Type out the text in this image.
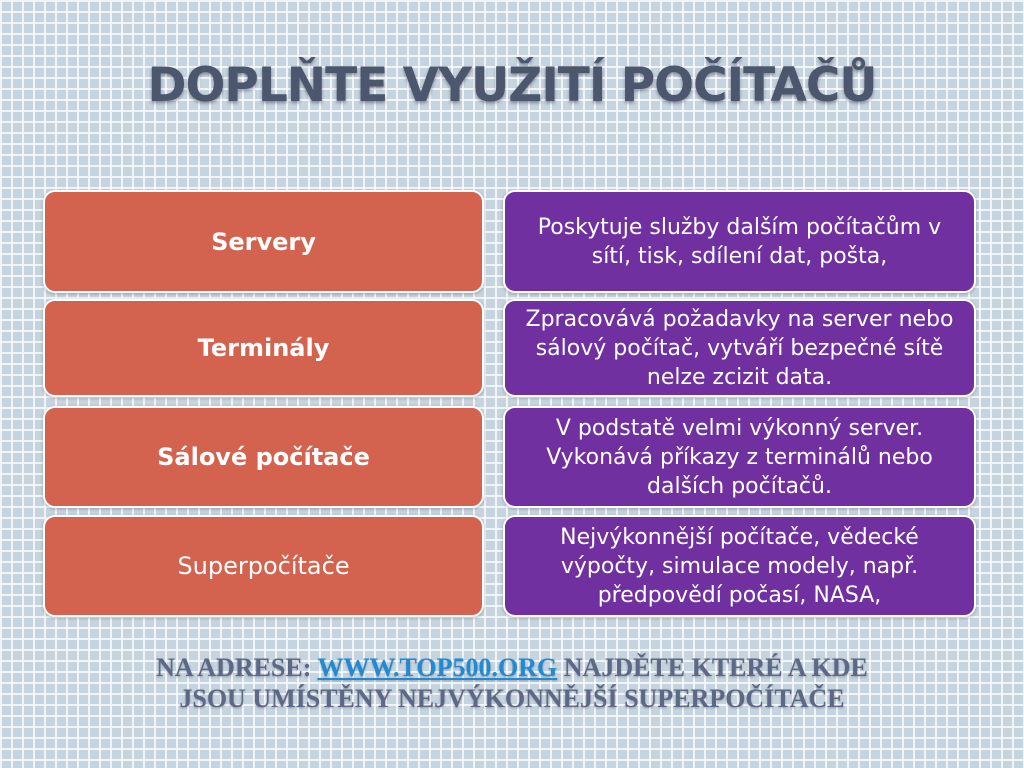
DOPLŇTE VYUŽITÍ POČÍTAČŮ
Servery
Poskytuje služby dalším počítačům v sítí, tisk, sdílení dat, pošta,
Terminály
Zpracovává požadavky na server nebo sálový počítač, vytváří bezpečné sítě nelze zcizit data.
Sálové počítače
V podstatě velmi výkonný server. Vykonává příkazy z terminálů nebo dalších počítačů.
Superpočítače
Nejvýkonnější počítače, vědecké výpočty, simulace modely, např. předpovědí počasí, NASA,
NA ADRESE: WWW.TOP500.ORG NAJDĚTE KTERÉ A KDE
JSOU UMÍSTĚNY NEJVÝKONNĚJŠÍ SUPERPOČÍTAČE
